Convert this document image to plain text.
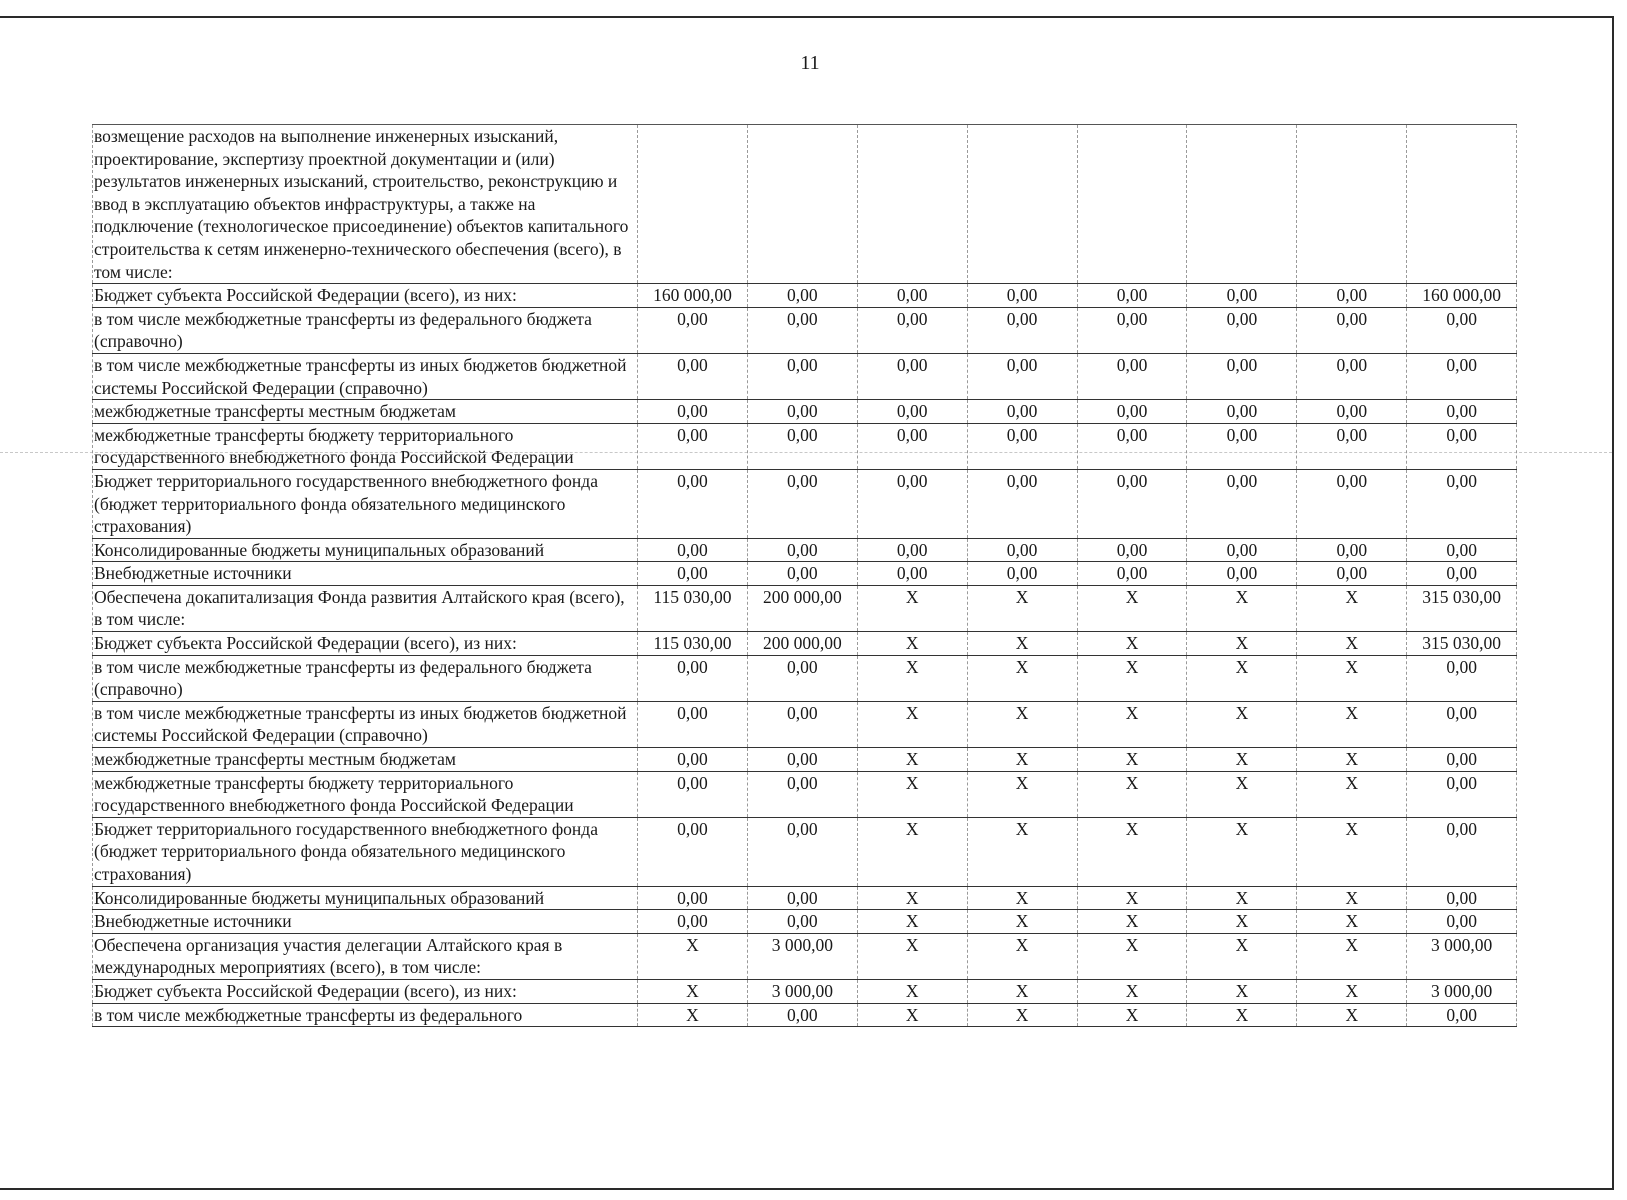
11
возмещение расходов на выполнение инженерных изысканий, проектирование, экспертизу проектной документации и (или) результатов инженерных изысканий, строительство, реконструкцию и ввод в эксплуатацию объектов инфраструктуры, а также на подключение (технологическое присоединение) объектов капитального строительства к сетям инженерно-технического обеспечения (всего), в том числе:								
Бюджет субъекта Российской Федерации (всего), из них:	160 000,00	0,00	0,00	0,00	0,00	0,00	0,00	160 000,00
в том числе межбюджетные трансферты из федерального бюджета (справочно)	0,00	0,00	0,00	0,00	0,00	0,00	0,00	0,00
в том числе межбюджетные трансферты из иных бюджетов бюджетной системы Российской Федерации (справочно)	0,00	0,00	0,00	0,00	0,00	0,00	0,00	0,00
межбюджетные трансферты местным бюджетам	0,00	0,00	0,00	0,00	0,00	0,00	0,00	0,00
межбюджетные трансферты бюджету территориального государственного внебюджетного фонда Российской Федерации	0,00	0,00	0,00	0,00	0,00	0,00	0,00	0,00
Бюджет территориального государственного внебюджетного фонда (бюджет территориального фонда обязательного медицинского страхования)	0,00	0,00	0,00	0,00	0,00	0,00	0,00	0,00
Консолидированные бюджеты муниципальных образований	0,00	0,00	0,00	0,00	0,00	0,00	0,00	0,00
Внебюджетные источники	0,00	0,00	0,00	0,00	0,00	0,00	0,00	0,00
Обеспечена докапитализация Фонда развития Алтайского края (всего), в том числе:	115 030,00	200 000,00	X	X	X	X	X	315 030,00
Бюджет субъекта Российской Федерации (всего), из них:	115 030,00	200 000,00	X	X	X	X	X	315 030,00
в том числе межбюджетные трансферты из федерального бюджета (справочно)	0,00	0,00	X	X	X	X	X	0,00
в том числе межбюджетные трансферты из иных бюджетов бюджетной системы Российской Федерации (справочно)	0,00	0,00	X	X	X	X	X	0,00
межбюджетные трансферты местным бюджетам	0,00	0,00	X	X	X	X	X	0,00
межбюджетные трансферты бюджету территориального государственного внебюджетного фонда Российской Федерации	0,00	0,00	X	X	X	X	X	0,00
Бюджет территориального государственного внебюджетного фонда (бюджет территориального фонда обязательного медицинского страхования)	0,00	0,00	X	X	X	X	X	0,00
Консолидированные бюджеты муниципальных образований	0,00	0,00	X	X	X	X	X	0,00
Внебюджетные источники	0,00	0,00	X	X	X	X	X	0,00
Обеспечена организация участия делегации Алтайского края в международных мероприятиях (всего), в том числе:	X	3 000,00	X	X	X	X	X	3 000,00
Бюджет субъекта Российской Федерации (всего), из них:	X	3 000,00	X	X	X	X	X	3 000,00
в том числе межбюджетные трансферты из федерального	X	0,00	X	X	X	X	X	0,00
